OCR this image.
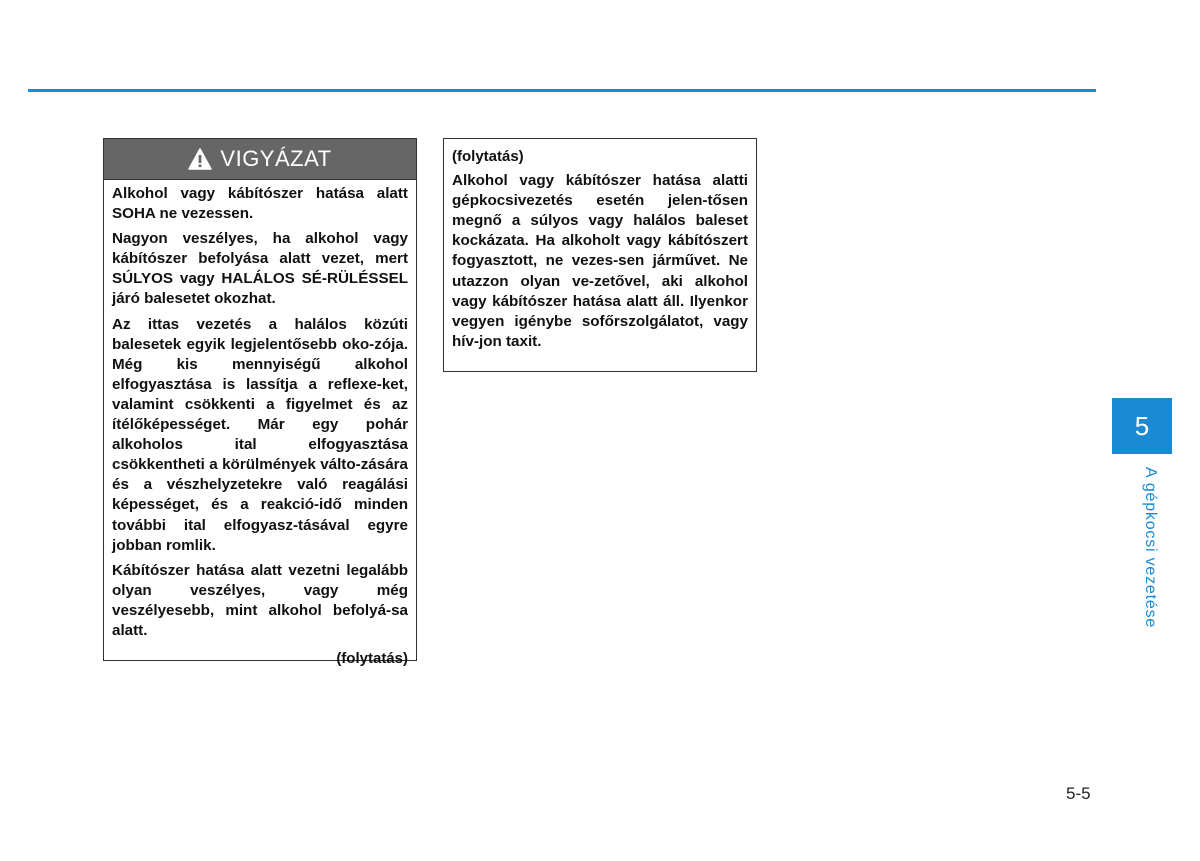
VIGYÁZAT

Alkohol vagy kábítószer hatása alatt SOHA ne vezessen.

Nagyon veszélyes, ha alkohol vagy kábítószer befolyása alatt vezet, mert SÚLYOS vagy HALÁLOS SÉ-RÜLÉSSEL járó balesetet okozhat.

Az ittas vezetés a halálos közúti balesetek egyik legjelentősebb oko-zója. Még kis mennyiségű alkohol elfogyasztása is lassítja a reflexe-ket, valamint csökkenti a figyelmet és az ítélőképességet. Már egy pohár alkoholos ital elfogyasztása csökkentheti a körülmények válto-zására és a vészhelyzetekre való reagálási képességet, és a reakció-idő minden további ital elfogyasz-tásával egyre jobban romlik.

Kábítószer hatása alatt vezetni legalább olyan veszélyes, vagy még veszélyesebb, mint alkohol befolyá-sa alatt.

(folytatás)
(folytatás)

Alkohol vagy kábítószer hatása alatti gépkocsivezetés esetén jelen-tősen megnő a súlyos vagy halálos baleset kockázata. Ha alkoholt vagy kábítószert fogyasztott, ne vezes-sen járművet. Ne utazzon olyan ve-zetővel, aki alkohol vagy kábítószer hatása alatt áll. Ilyenkor vegyen igénybe sofőrszolgálatot, vagy hív-jon taxit.

5
A gépkocsi vezetése
5-5
